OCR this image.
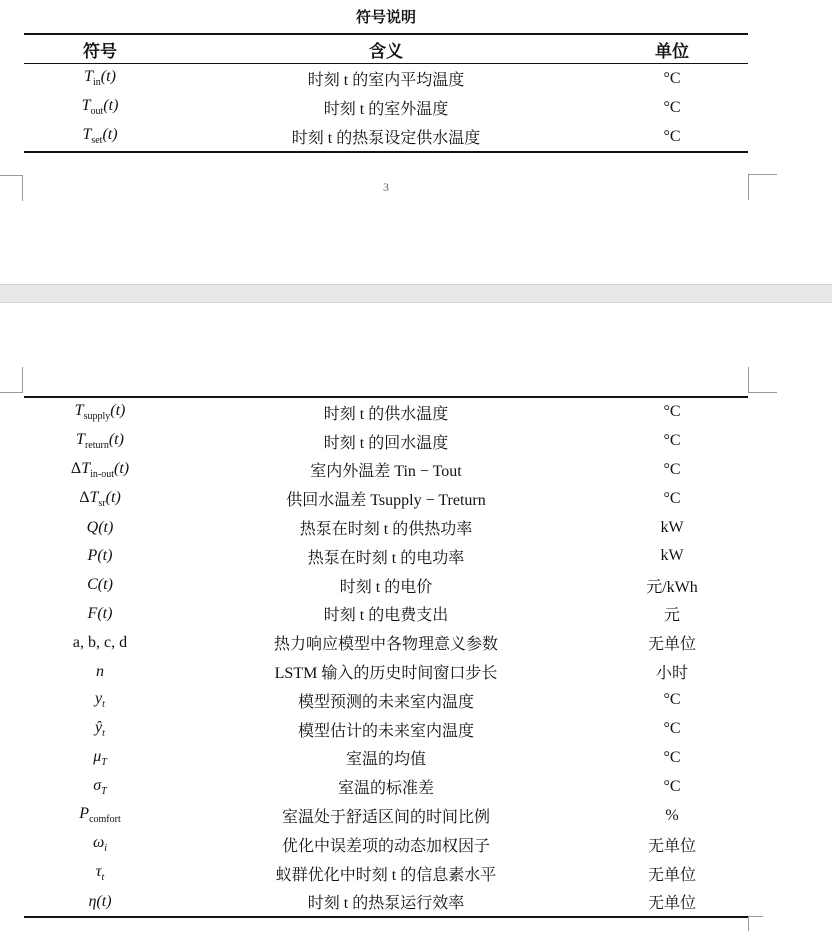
符号说明
符号	含义	单位
$T_{in}(t)$	时刻 t 的室内平均温度	°C
$T_{out}(t)$	时刻 t 的室外温度	°C
$T_{set}(t)$	时刻 t 的热泵设定供水温度	°C
3
$T_{supply}(t)$	时刻 t 的供水温度	°C
$T_{return}(t)$	时刻 t 的回水温度	°C
$\Delta T_{in-out}(t)$	室内外温差 Tin − Tout	°C
$\Delta T_{sr}(t)$	供回水温差 Tsupply − Treturn	°C
Q(t)	热泵在时刻 t 的供热功率	kW
P(t)	热泵在时刻 t 的电功率	kW
C(t)	时刻 t 的电价	元/kWh
F(t)	时刻 t 的电费支出	元
a, b, c, d	热力响应模型中各物理意义参数	无单位
n	LSTM 输入的历史时间窗口步长	小时
$y_t$	模型预测的未来室内温度	°C
$ŷ_t$	模型估计的未来室内温度	°C
$\mu_T$	室温的均值	°C
$\sigma_T$	室温的标准差	°C
$P_{comfort}$	室温处于舒适区间的时间比例	%
$\omega_i$	优化中误差项的动态加权因子	无单位
$\tau_t$	蚁群优化中时刻 t 的信息素水平	无单位
η(t)	时刻 t 的热泵运行效率	无单位
